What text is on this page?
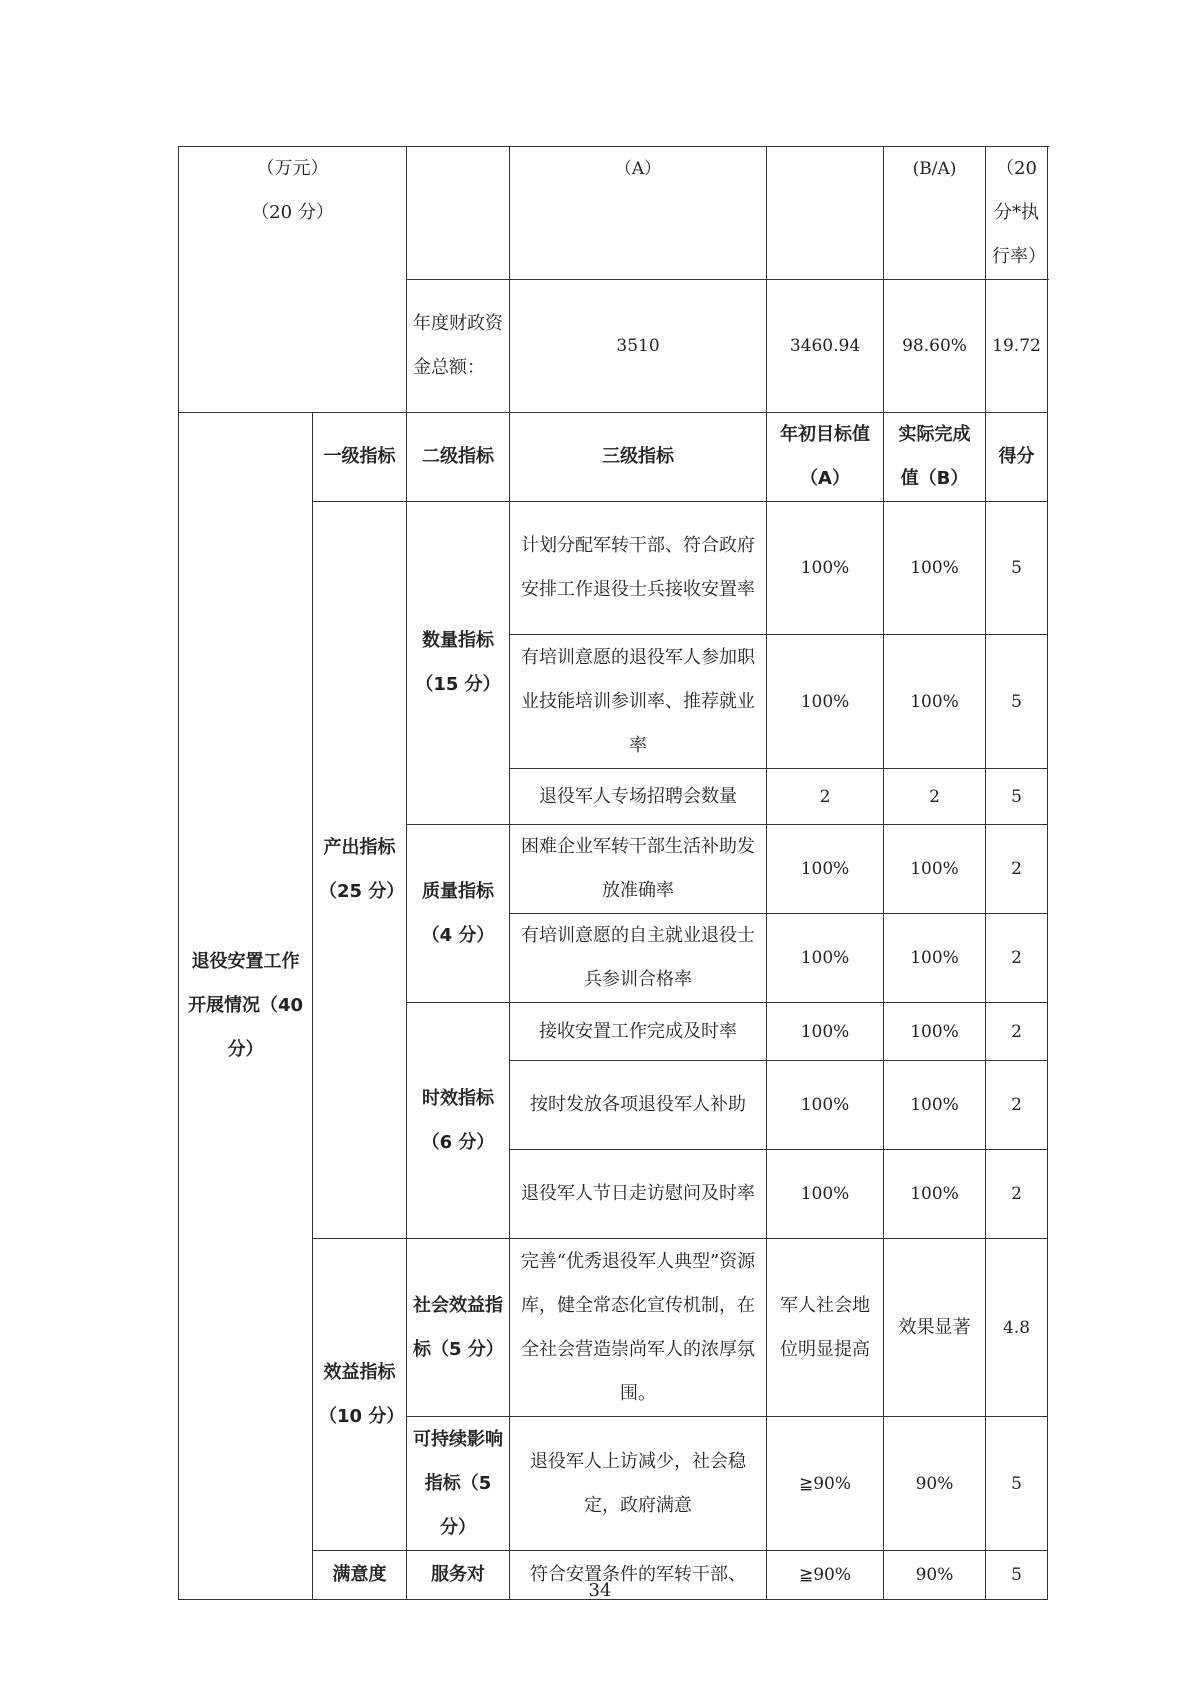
（万元）
（20 分）			（A）		(B/A)	（20 分*执行率）
		年度财政资金总额：	3510	3460.94	98.60%	19.72
退役安置工作开展情况（40 分）	一级指标	二级指标	三级指标	年初目标值（A）	实际完成值（B）	得分
	产出指标（25 分）	数量指标（15 分）	计划分配军转干部、符合政府安排工作退役士兵接收安置率	100%	100%	5
			有培训意愿的退役军人参加职业技能培训参训率、推荐就业率	100%	100%	5
			退役军人专场招聘会数量	2	2	5
		质量指标（4 分）	困难企业军转干部生活补助发放准确率	100%	100%	2
			有培训意愿的自主就业退役士兵参训合格率	100%	100%	2
		时效指标（6 分）	接收安置工作完成及时率	100%	100%	2
			按时发放各项退役军人补助	100%	100%	2
			退役军人节日走访慰问及时率	100%	100%	2
	效益指标（10 分）	社会效益指标（5 分）	完善“优秀退役军人典型”资源库，健全常态化宣传机制，在全社会营造崇尚军人的浓厚氛围。	军人社会地位明显提高	效果显著	4.8
		可持续影响指标（5 分）	退役军人上访减少，社会稳定，政府满意	≧90%	90%	5
	满意度	服务对	符合安置条件的军转干部、	≧90%	90%	5
34
